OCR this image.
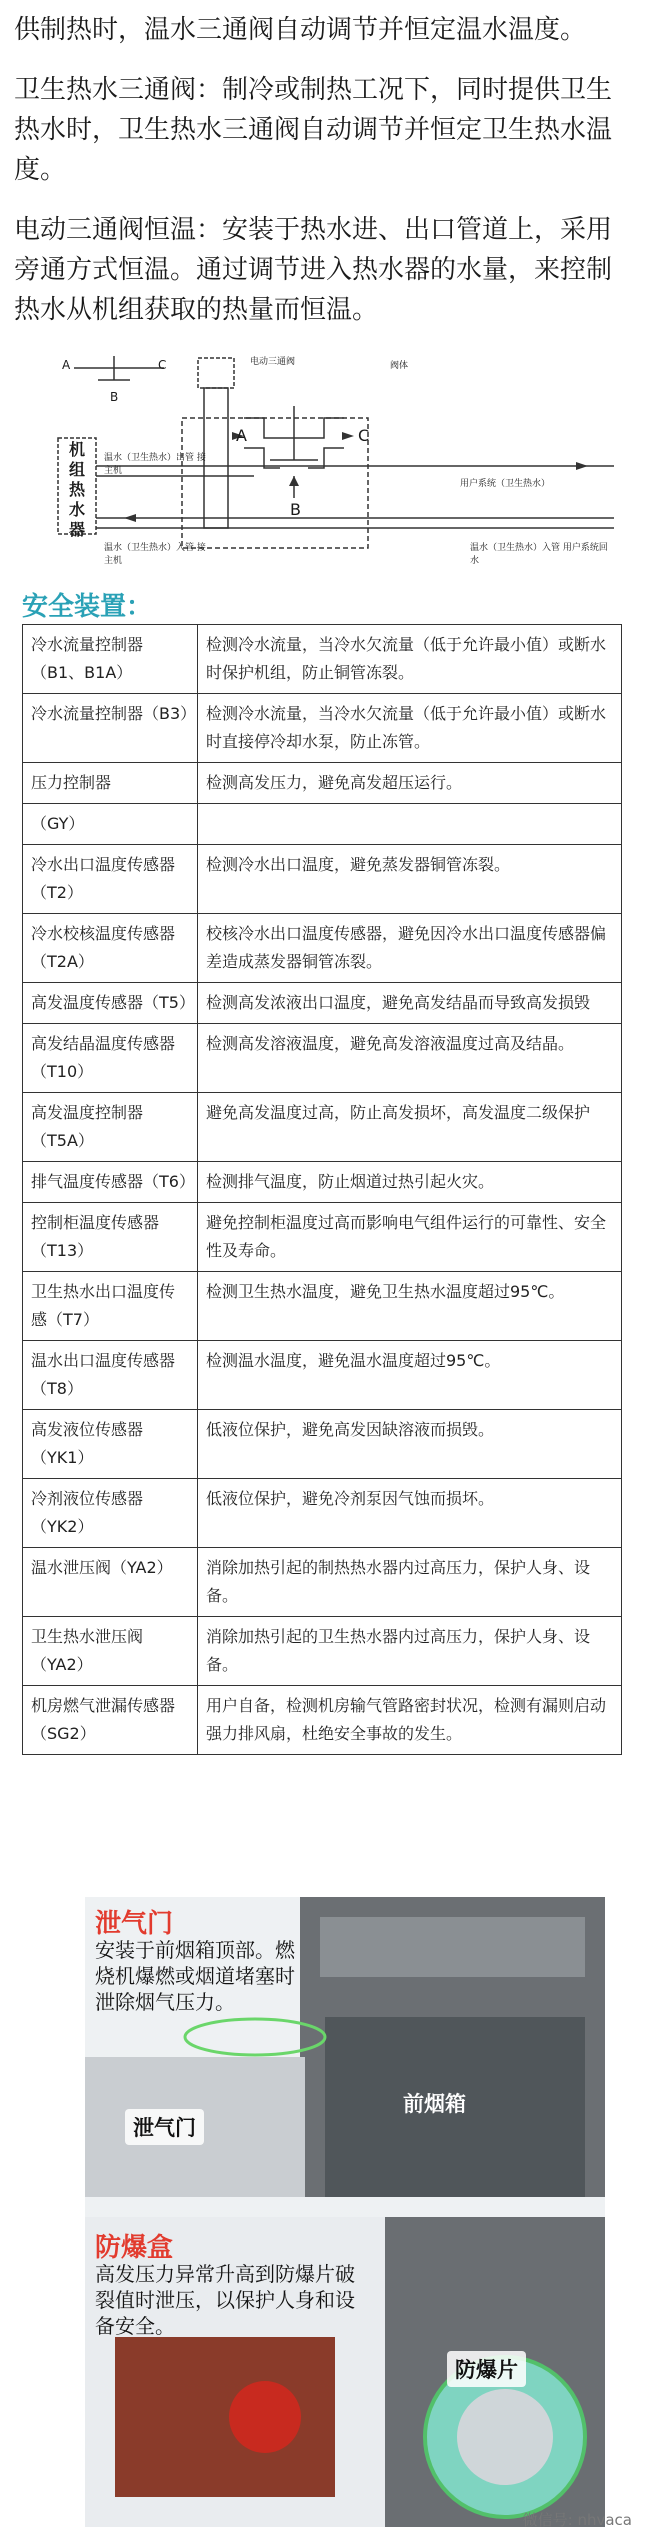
供制热时，温水三通阀自动调节并恒定温水温度。

卫生热水三通阀：制冷或制热工况下，同时提供卫生热水时，卫生热水三通阀自动调节并恒定卫生热水温度。

电动三通阀恒温：安装于热水进、出口管道上，采用旁通方式恒温。通过调节进入热水器的水量，来控制热水从机组获取的热量而恒温。

机组热水器
A	C
B
A	C
B
电动三通阀	阀体
温水（卫生热水）出管 接主机
用户系统（卫生热水）
温水（卫生热水）入管 接主机
温水（卫生热水）入管 用户系统回水
安全装置：
冷水流量控制器（B1、B1A）	检测冷水流量，当冷水欠流量（低于允许最小值）或断水时保护机组，防止铜管冻裂。
冷水流量控制器（B3）	检测冷水流量，当冷水欠流量（低于允许最小值）或断水时直接停冷却水泵，防止冻管。
压力控制器	检测高发压力，避免高发超压运行。
（GY）	
冷水出口温度传感器（T2）	检测冷水出口温度，避免蒸发器铜管冻裂。
冷水校核温度传感器（T2A）	校核冷水出口温度传感器，避免因冷水出口温度传感器偏差造成蒸发器铜管冻裂。
高发温度传感器（T5）	检测高发浓液出口温度，避免高发结晶而导致高发损毁
高发结晶温度传感器（T10）	检测高发溶液温度，避免高发溶液温度过高及结晶。
高发温度控制器（T5A）	避免高发温度过高，防止高发损坏，高发温度二级保护
排气温度传感器（T6）	检测排气温度，防止烟道过热引起火灾。
控制柜温度传感器（T13）	避免控制柜温度过高而影响电气组件运行的可靠性、安全性及寿命。
卫生热水出口温度传感（T7）	检测卫生热水温度，避免卫生热水温度超过95℃。
温水出口温度传感器（T8）	检测温水温度，避免温水温度超过95℃。
高发液位传感器（YK1）	低液位保护，避免高发因缺溶液而损毁。
冷剂液位传感器（YK2）	低液位保护，避免冷剂泵因气蚀而损坏。
温水泄压阀（YA2）	消除加热引起的制热热水器内过高压力，保护人身、设备。
卫生热水泄压阀（YA2）	消除加热引起的卫生热水器内过高压力，保护人身、设备。
机房燃气泄漏传感器（SG2）	用户自备，检测机房输气管路密封状况，检测有漏则启动强力排风扇，杜绝安全事故的发生。
泄气门
安装于前烟箱顶部。燃烧机爆燃或烟道堵塞时泄除烟气压力。
泄气门
前烟箱
防爆盒
高发压力异常升高到防爆片破裂值时泄压，以保护人身和设备安全。
防爆片
微信号: nhvaca
